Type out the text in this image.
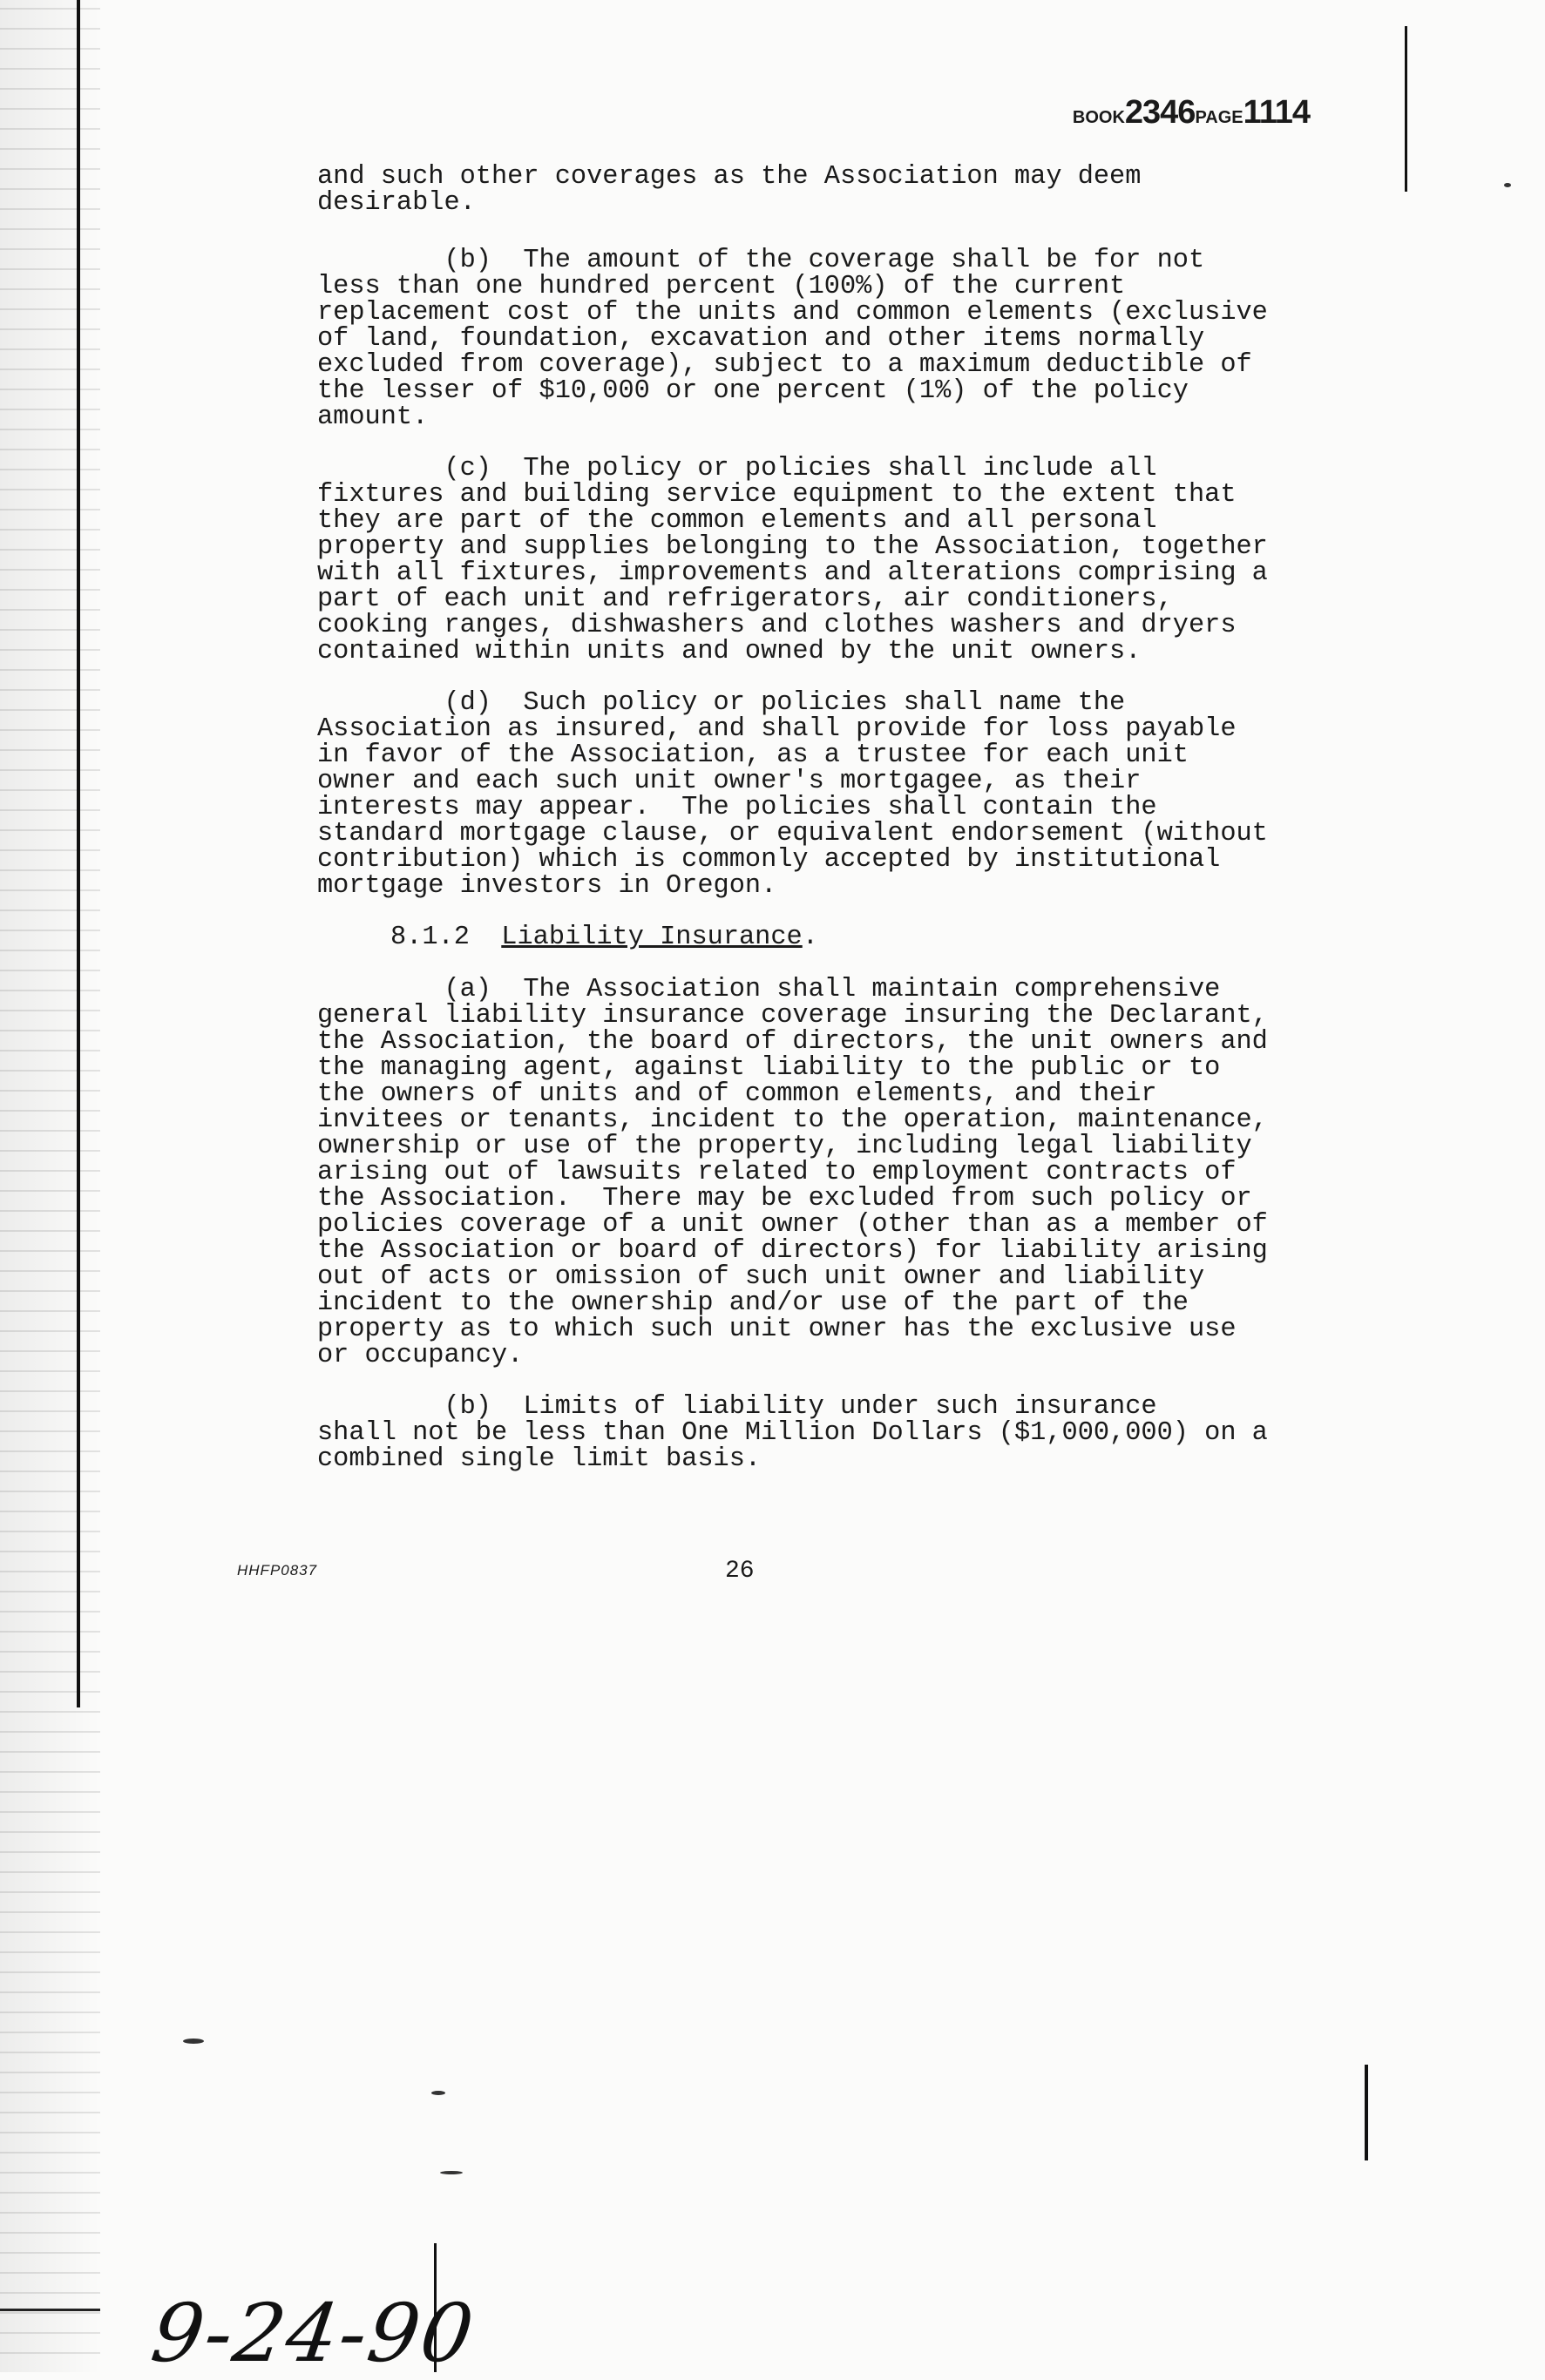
BOOK2346PAGE1114
and such other coverages as the Association may deem
desirable.
(b)  The amount of the coverage shall be for not
less than one hundred percent (100%) of the current
replacement cost of the units and common elements (exclusive
of land, foundation, excavation and other items normally
excluded from coverage), subject to a maximum deductible of
the lesser of $10,000 or one percent (1%) of the policy
amount.
(c)  The policy or policies shall include all
fixtures and building service equipment to the extent that
they are part of the common elements and all personal
property and supplies belonging to the Association, together
with all fixtures, improvements and alterations comprising a
part of each unit and refrigerators, air conditioners,
cooking ranges, dishwashers and clothes washers and dryers
contained within units and owned by the unit owners.
(d)  Such policy or policies shall name the
Association as insured, and shall provide for loss payable
in favor of the Association, as a trustee for each unit
owner and each such unit owner's mortgagee, as their
interests may appear.  The policies shall contain the
standard mortgage clause, or equivalent endorsement (without
contribution) which is commonly accepted by institutional
mortgage investors in Oregon.
8.1.2 Liability Insurance.
(a)  The Association shall maintain comprehensive
general liability insurance coverage insuring the Declarant,
the Association, the board of directors, the unit owners and
the managing agent, against liability to the public or to
the owners of units and of common elements, and their
invitees or tenants, incident to the operation, maintenance,
ownership or use of the property, including legal liability
arising out of lawsuits related to employment contracts of
the Association.  There may be excluded from such policy or
policies coverage of a unit owner (other than as a member of
the Association or board of directors) for liability arising
out of acts or omission of such unit owner and liability
incident to the ownership and/or use of the part of the
property as to which such unit owner has the exclusive use
or occupancy.
(b)  Limits of liability under such insurance
shall not be less than One Million Dollars ($1,000,000) on a
combined single limit basis.
HHFP0837	26
9-24-90
